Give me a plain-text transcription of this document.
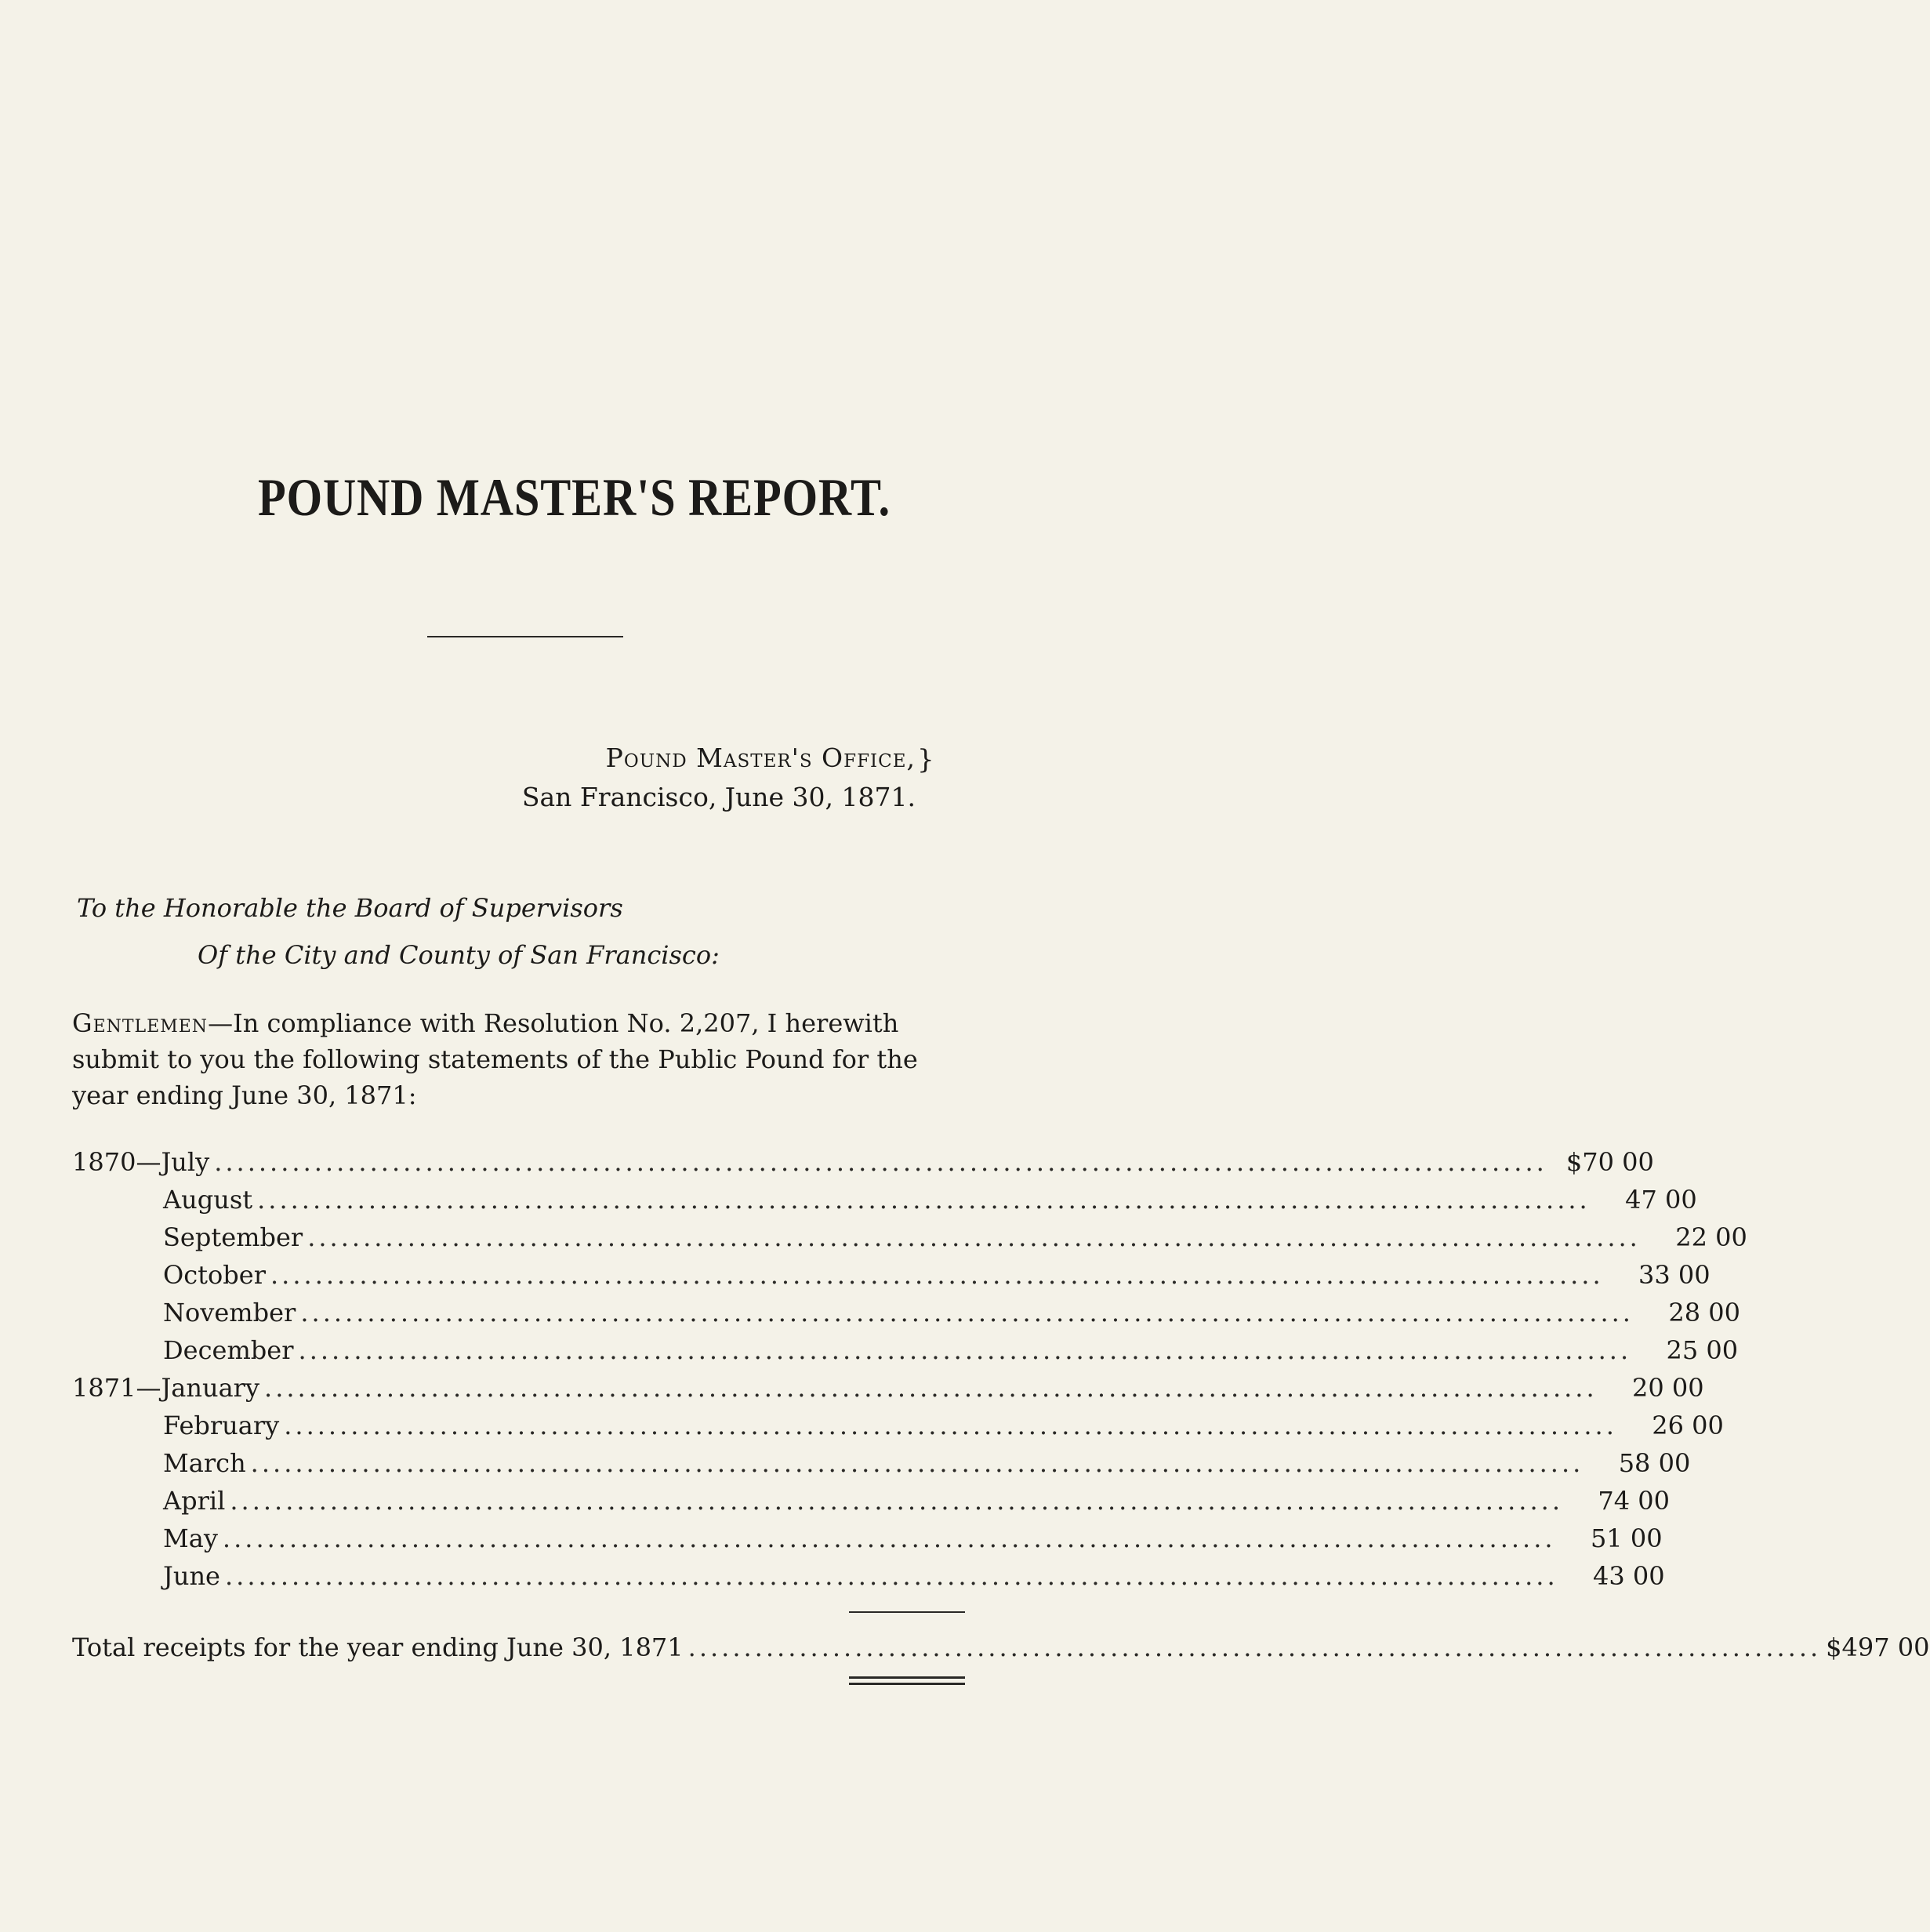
POUND MASTER'S REPORT.
Pound Master's Office,
San Francisco, June 30, 1871.
}
To the Honorable the Board of Supervisors
Of the City and County of San Francisco:
Gentlemen—In compliance with Resolution No. 2,207, I herewith submit to you the following statements of the Public Pound for the year ending June 30, 1871:
1870—July ........................................................................................................................ $70 00
August ........................................................................................................................	47 00
September ........................................................................................................................	22 00
October ........................................................................................................................	33 00
November ........................................................................................................................	28 00
December ........................................................................................................................	25 00
1871—January ........................................................................................................................	20 00
February ........................................................................................................................	26 00
March ........................................................................................................................	58 00
April ........................................................................................................................	74 00
May ........................................................................................................................	51 00
June ........................................................................................................................	43 00
Total receipts for the year ending June 30, 1871 ...................................................................................................... $497 00
